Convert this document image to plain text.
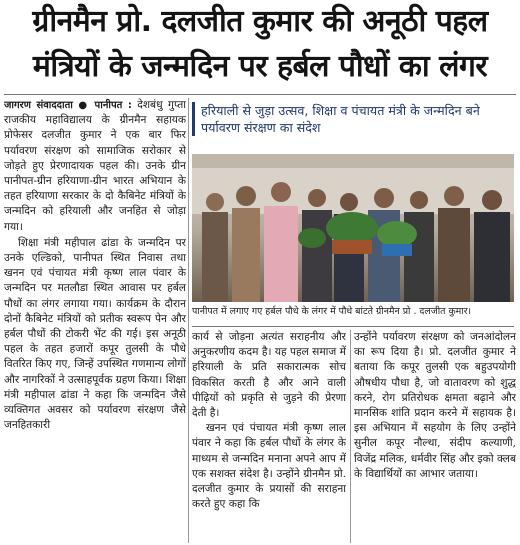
ग्रीनमैन प्रो. दलजीत कुमार की अनूठी पहल
मंत्रियों के जन्मदिन पर हर्बल पौधों का लंगर

जागरण संवाददाता ● पानीपत : देशबंधु गुप्ता राजकीय महाविद्यालय के ग्रीनमैन सहायक प्रोफेसर दलजीत कुमार ने एक बार फिर पर्यावरण संरक्षण को सामाजिक सरोकार से जोड़ते हुए प्रेरणादायक पहल की। उनके ग्रीन पानीपत-ग्रीन हरियाणा-ग्रीन भारत अभियान के तहत हरियाणा सरकार के दो कैबिनेट मंत्रियों के जन्मदिन को हरियाली और जनहित से जोड़ा गया।

शिक्षा मंत्री महीपाल ढांडा के जन्मदिन पर उनके एल्डिको, पानीपत स्थित निवास तथा खनन एवं पंचायत मंत्री कृष्ण लाल पंवार के जन्मदिन पर मतलौडा स्थित आवास पर हर्बल पौधों का लंगर लगाया गया। कार्यक्रम के दौरान दोनों कैबिनेट मंत्रियों को प्रतीक स्वरूप पेन और हर्बल पौधों की टोकरी भेंट की गई। इस अनूठी पहल के तहत हजारों कपूर तुलसी के पौधे वितरित किए गए, जिन्हें उपस्थित गणमान्य लोगों और नागरिकों ने उत्साहपूर्वक ग्रहण किया। शिक्षा मंत्री महीपाल ढांडा ने कहा कि जन्मदिन जैसे व्यक्तिगत अवसर को पर्यावरण संरक्षण जैसे जनहितकारी

हरियाली से जुड़ा उत्सव, शिक्षा व पंचायत मंत्री के जन्मदिन बने पर्यावरण संरक्षण का संदेश
पानीपत में लगाए गए हर्बल पौधे के लंगर में पौधे बांटते ग्रीनमैन प्रो . दलजीत कुमार।

कार्य से जोड़ना अत्यंत सराहनीय और अनुकरणीय कदम है। यह पहल समाज में हरियाली के प्रति सकारात्मक सोच विकसित करती है और आने वाली पीढ़ियों को प्रकृति से जुड़ने की प्रेरणा देती है।

खनन एवं पंचायत मंत्री कृष्ण लाल पंवार ने कहा कि हर्बल पौधों के लंगर के माध्यम से जन्मदिन मनाना अपने आप में एक सशक्त संदेश है। उन्होंने ग्रीनमैन प्रो. दलजीत कुमार के प्रयासों की सराहना करते हुए कहा कि

उन्होंने पर्यावरण संरक्षण को जनआंदोलन का रूप दिया है। प्रो. दलजीत कुमार ने बताया कि कपूर तुलसी एक बहुउपयोगी औषधीय पौधा है, जो वातावरण को शुद्ध करने, रोग प्रतिरोधक क्षमता बढ़ाने और मानसिक शांति प्रदान करने में सहायक है। इस अभियान में सहयोग के लिए उन्होंने सुनील कपूर नौल्था, संदीप कल्याणी, विजेंद्र मलिक, धर्मवीर सिंह और इको क्लब के विद्यार्थियों का आभार जताया।
